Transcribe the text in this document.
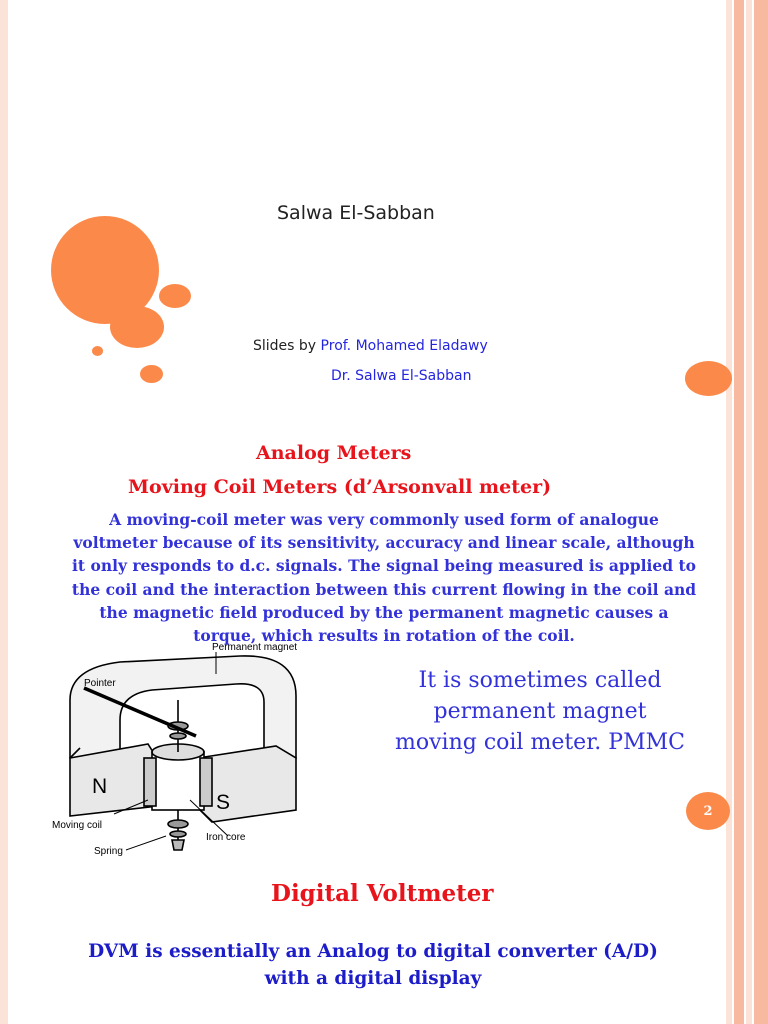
Salwa El-Sabban
Slides by Prof. Mohamed Eladawy
Dr. Salwa El-Sabban
Analog Meters
Moving Coil Meters (d’Arsonvall meter)
A moving-coil meter was very commonly used form of analogue
voltmeter because of its sensitivity, accuracy and linear scale, although
it only responds to d.c. signals. The signal being measured is applied to
the coil and the interaction between this current flowing in the coil and
the magnetic field produced by the permanent magnetic causes a
torque, which results in rotation of the coil.
Permanent magnet
Pointer
N
S
Moving coil
Iron core
Spring
It is sometimes called
permanent magnet
moving coil meter. PMMC
2
Digital Voltmeter
DVM is essentially an Analog to digital converter (A/D)
with a digital display
